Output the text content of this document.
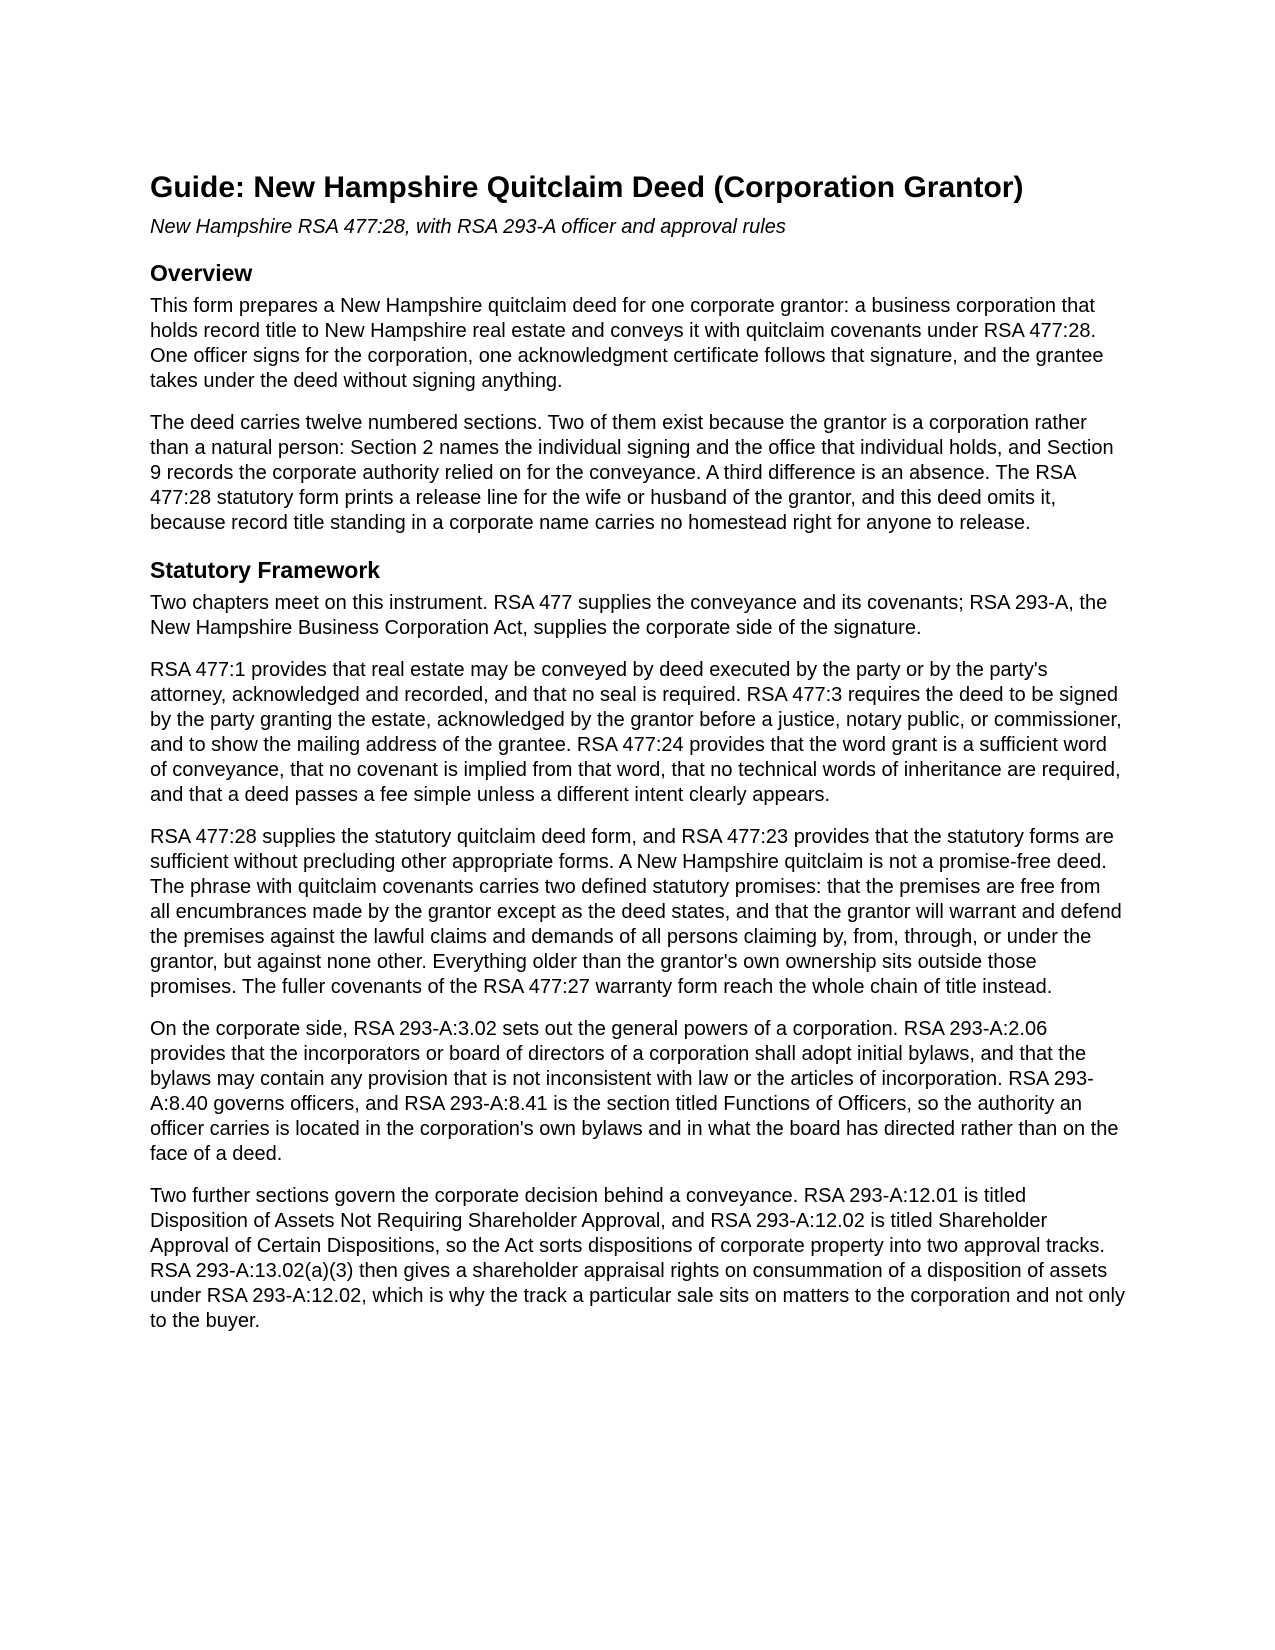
Guide: New Hampshire Quitclaim Deed (Corporation Grantor)

New Hampshire RSA 477:28, with RSA 293-A officer and approval rules

Overview

This form prepares a New Hampshire quitclaim deed for one corporate grantor: a business corporation that holds record title to New Hampshire real estate and conveys it with quitclaim covenants under RSA 477:28. One officer signs for the corporation, one acknowledgment certificate follows that signature, and the grantee takes under the deed without signing anything.

The deed carries twelve numbered sections. Two of them exist because the grantor is a corporation rather than a natural person: Section 2 names the individual signing and the office that individual holds, and Section 9 records the corporate authority relied on for the conveyance. A third difference is an absence. The RSA 477:28 statutory form prints a release line for the wife or husband of the grantor, and this deed omits it, because record title standing in a corporate name carries no homestead right for anyone to release.

Statutory Framework

Two chapters meet on this instrument. RSA 477 supplies the conveyance and its covenants; RSA 293-A, the New Hampshire Business Corporation Act, supplies the corporate side of the signature.

RSA 477:1 provides that real estate may be conveyed by deed executed by the party or by the party's attorney, acknowledged and recorded, and that no seal is required. RSA 477:3 requires the deed to be signed by the party granting the estate, acknowledged by the grantor before a justice, notary public, or commissioner, and to show the mailing address of the grantee. RSA 477:24 provides that the word grant is a sufficient word of conveyance, that no covenant is implied from that word, that no technical words of inheritance are required, and that a deed passes a fee simple unless a different intent clearly appears.

RSA 477:28 supplies the statutory quitclaim deed form, and RSA 477:23 provides that the statutory forms are sufficient without precluding other appropriate forms. A New Hampshire quitclaim is not a promise-free deed. The phrase with quitclaim covenants carries two defined statutory promises: that the premises are free from all encumbrances made by the grantor except as the deed states, and that the grantor will warrant and defend the premises against the lawful claims and demands of all persons claiming by, from, through, or under the grantor, but against none other. Everything older than the grantor's own ownership sits outside those promises. The fuller covenants of the RSA 477:27 warranty form reach the whole chain of title instead.

On the corporate side, RSA 293-A:3.02 sets out the general powers of a corporation. RSA 293-A:2.06 provides that the incorporators or board of directors of a corporation shall adopt initial bylaws, and that the bylaws may contain any provision that is not inconsistent with law or the articles of incorporation. RSA 293-A:8.40 governs officers, and RSA 293-A:8.41 is the section titled Functions of Officers, so the authority an officer carries is located in the corporation's own bylaws and in what the board has directed rather than on the face of a deed.

Two further sections govern the corporate decision behind a conveyance. RSA 293-A:12.01 is titled Disposition of Assets Not Requiring Shareholder Approval, and RSA 293-A:12.02 is titled Shareholder Approval of Certain Dispositions, so the Act sorts dispositions of corporate property into two approval tracks. RSA 293-A:13.02(a)(3) then gives a shareholder appraisal rights on consummation of a disposition of assets under RSA 293-A:12.02, which is why the track a particular sale sits on matters to the corporation and not only to the buyer.
